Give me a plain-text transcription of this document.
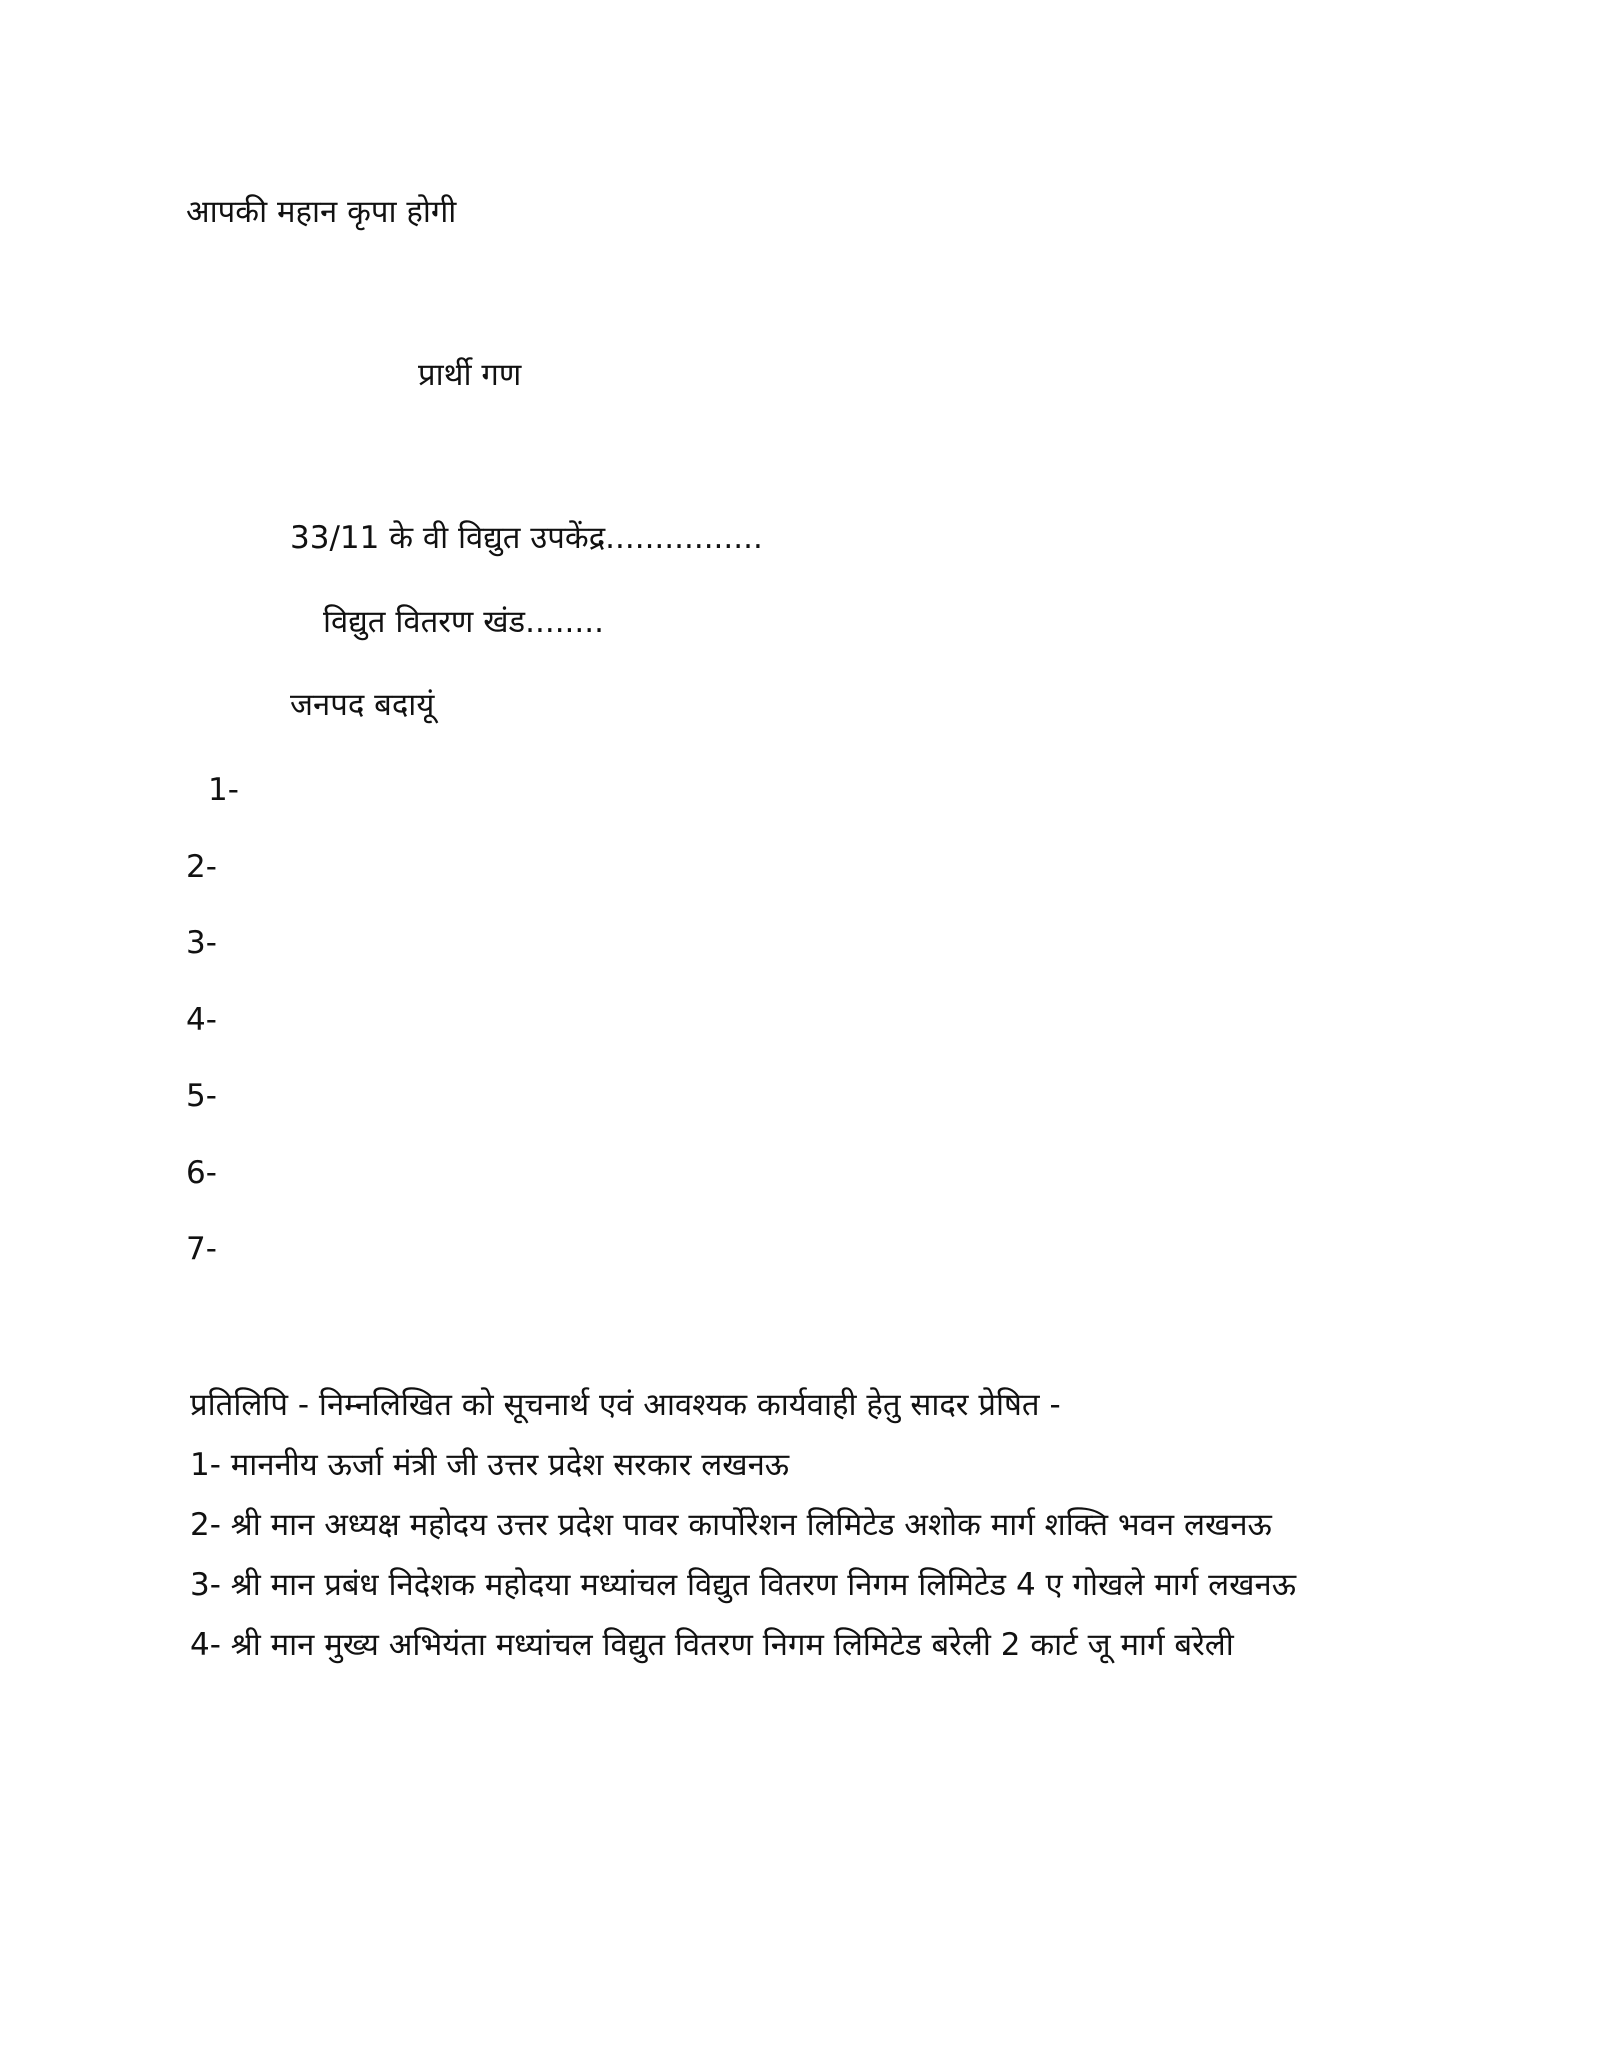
आपकी महान कृपा होगी
प्रार्थी गण
33/11 के वी विद्युत उपकेंद्र................
विद्युत वितरण खंड........
जनपद बदायूं
1-
2-
3-
4-
5-
6-
7-
प्रतिलिपि - निम्नलिखित को सूचनार्थ एवं आवश्यक कार्यवाही हेतु सादर प्रेषित -
1- माननीय ऊर्जा मंत्री जी उत्तर प्रदेश सरकार लखनऊ
2- श्री मान अध्यक्ष महोदय उत्तर प्रदेश पावर कार्पोरेशन लिमिटेड अशोक मार्ग शक्ति भवन लखनऊ
3- श्री मान प्रबंध निदेशक महोदया मध्यांचल विद्युत वितरण निगम लिमिटेड 4 ए गोखले मार्ग लखनऊ
4- श्री मान मुख्य अभियंता मध्यांचल विद्युत वितरण निगम लिमिटेड बरेली 2 कार्ट जू मार्ग बरेली
